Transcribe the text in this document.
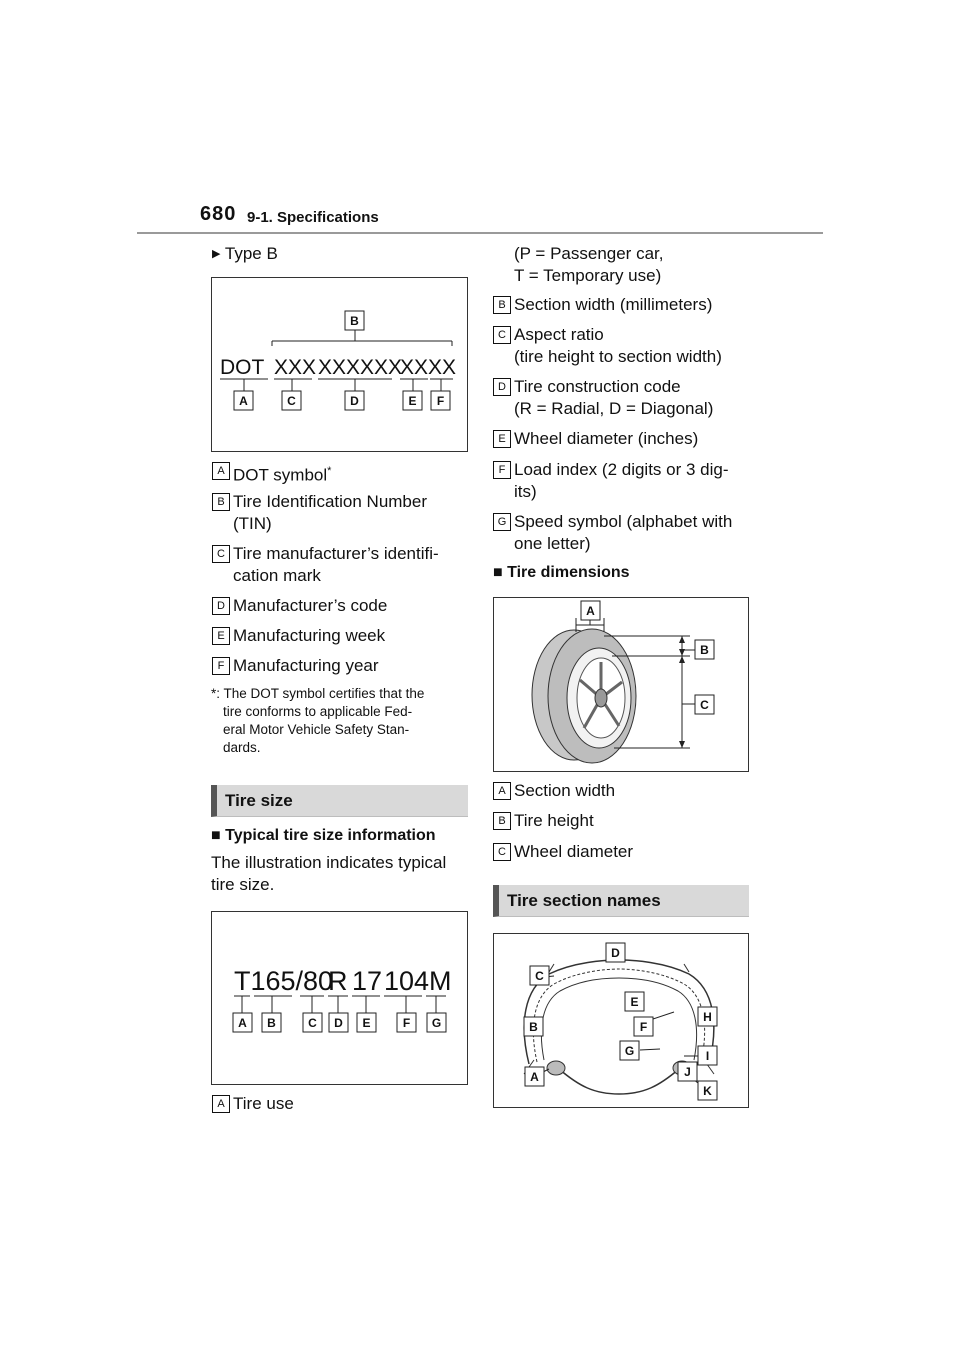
680 9-1. Specifications
▶ Type B
DOT XXX XXXXXX
XXXX
B
A	C	D	E F
A DOT symbol*
B Tire Identification Number
(TIN)
C Tire manufacturer’s identifi-
cation mark
D Manufacturer’s code
E Manufacturing week
F Manufacturing year
*: The DOT symbol certifies that the
tire conforms to applicable Fed-
eral Motor Vehicle Safety Stan-
dards.
Tire size
■ Typical tire size information
The illustration indicates typical
tire size.
T165/80
R 17 104M
A B	C D E	F G
A Tire use
(P = Passenger car,
T = Temporary use)
B Section width (millimeters)
C Aspect ratio
(tire height to section width)
D Tire construction code
(R = Radial, D = Diagonal)
E Wheel diameter (inches)
F Load index (2 digits or 3 dig-
its)
G Speed symbol (alphabet with
one letter)
■ Tire dimensions
A
B
C
A Section width
B Tire height
C Wheel diameter
Tire section names
A
B
C
D
E
F
G
H
I
J
K
